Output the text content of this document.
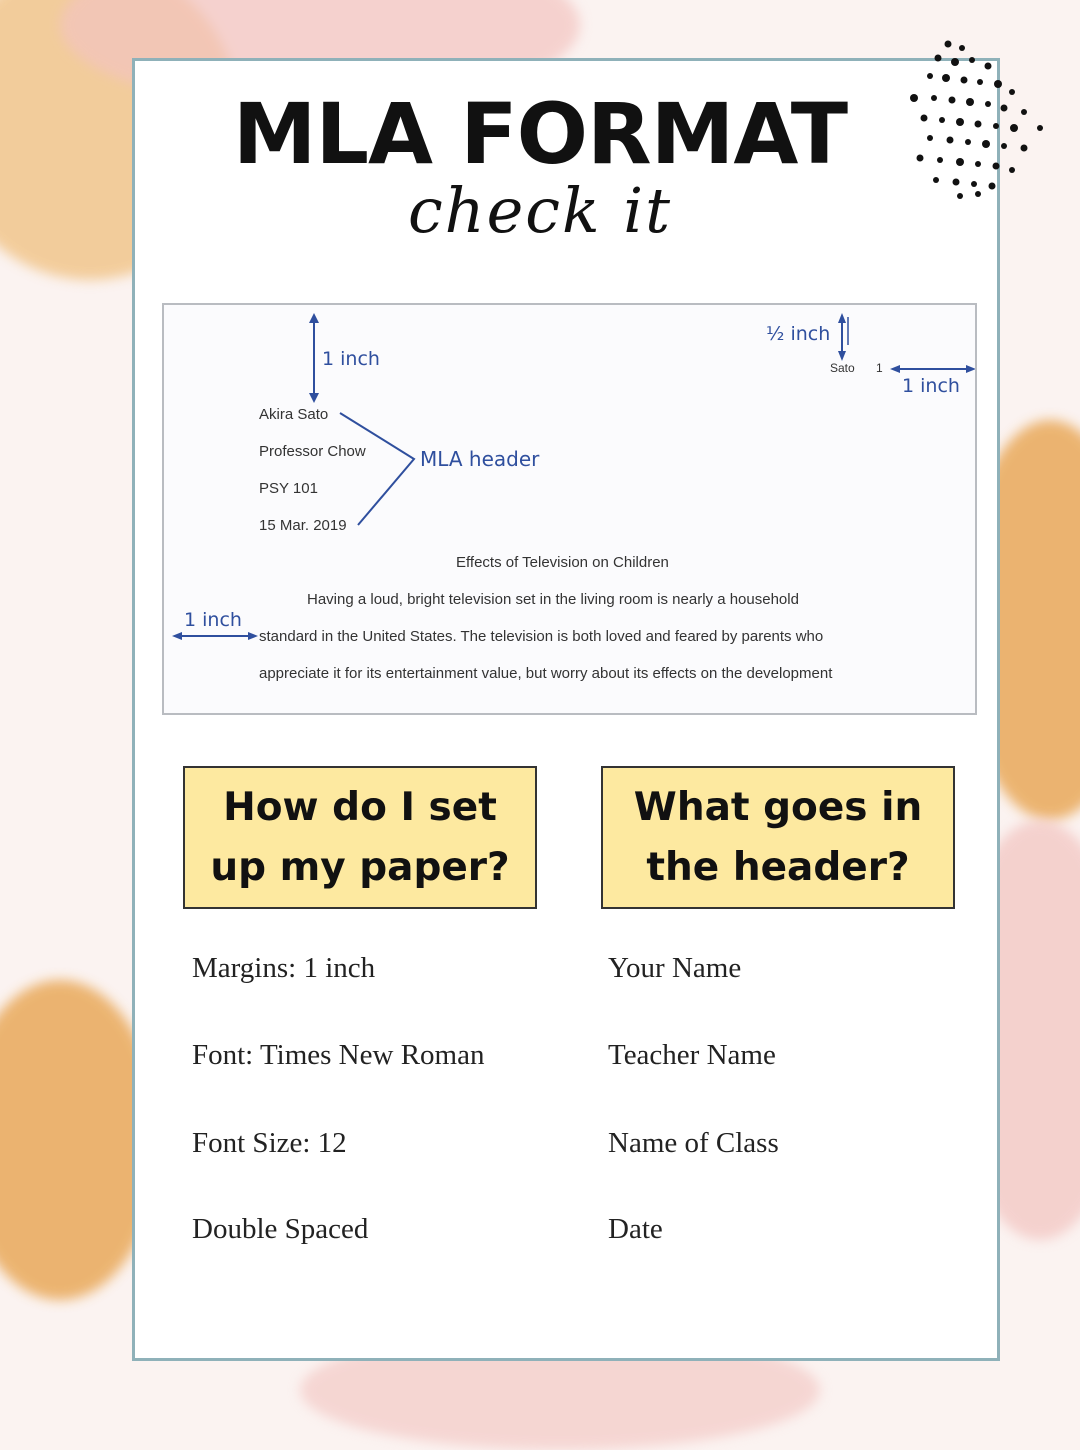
MLA FORMAT
check it
1 inch
½ inch
1 inch
1 inch
MLA header
Sato 1
Akira Sato
Professor Chow
PSY 101
15 Mar. 2019
Effects of Television on Children
Having a loud, bright television set in the living room is nearly a household
standard in the United States. The television is both loved and feared by parents who
appreciate it for its entertainment value, but worry about its effects on the development
How do I set up my paper?
What goes in the header?
Margins: 1 inch
Font: Times New Roman
Font Size: 12
Double Spaced
Your Name
Teacher Name
Name of Class
Date
